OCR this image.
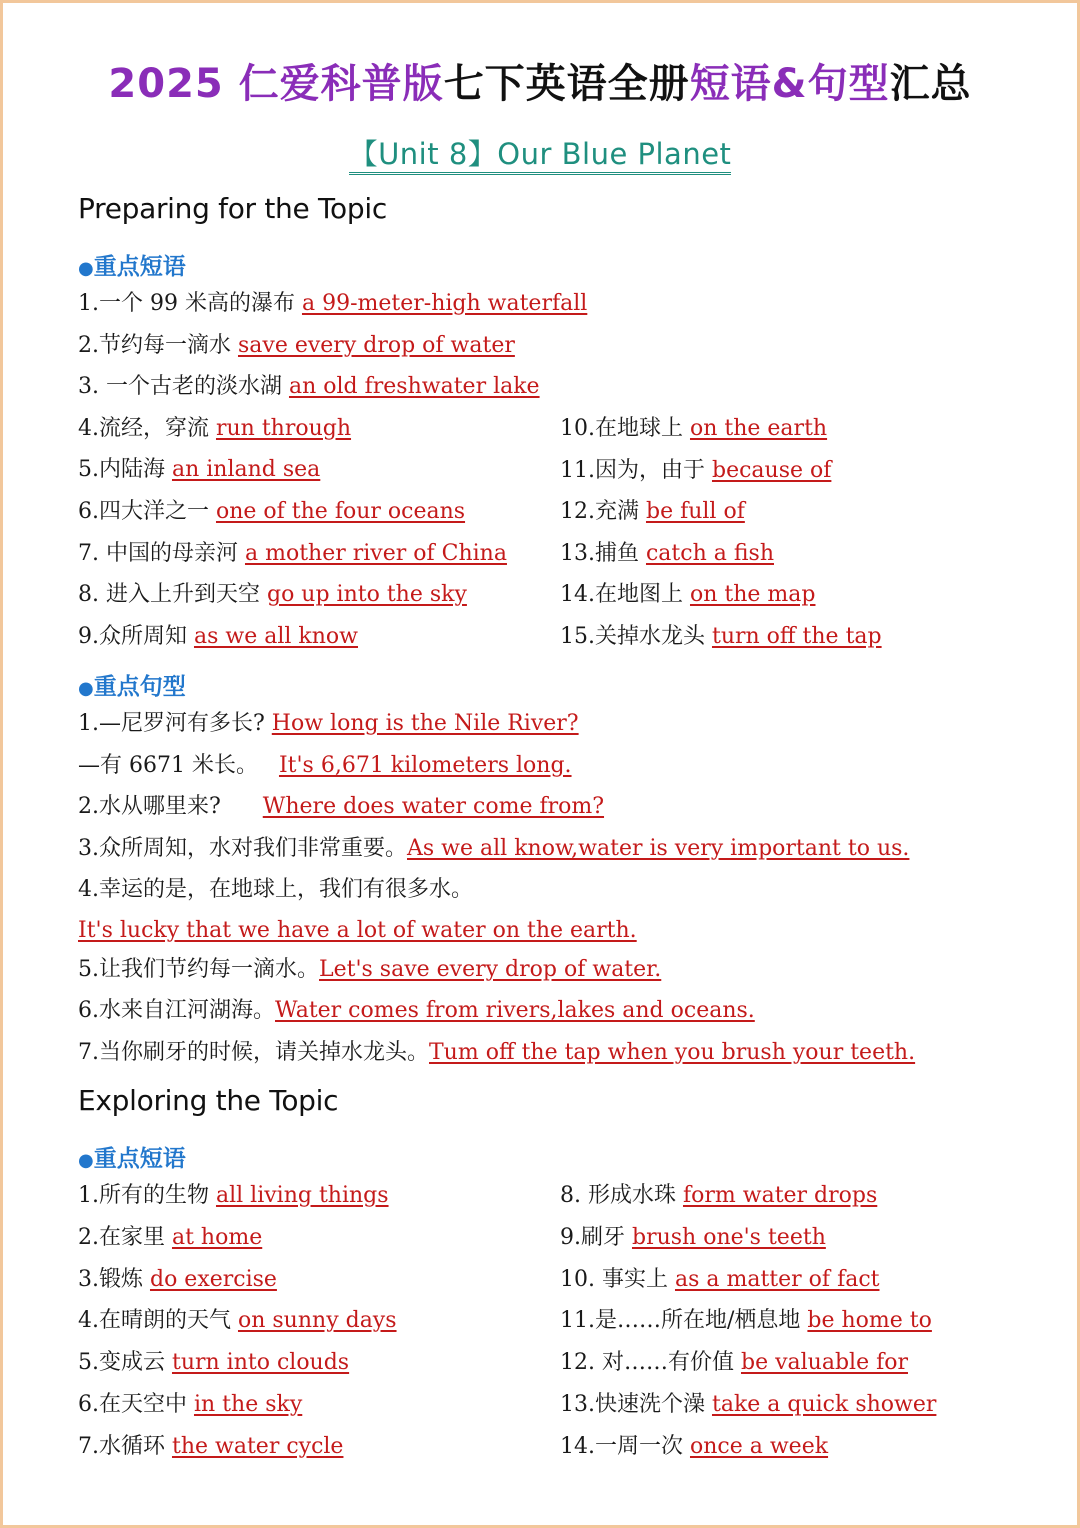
2025 仁爱科普版七下英语全册短语&句型汇总
【Unit 8】Our Blue Planet
Preparing for the Topic
●重点短语
1.一个 99 米高的瀑布 a 99-meter-high waterfall
2.节约每一滴水 save every drop of water
3. 一个古老的淡水湖 an old freshwater lake
4.流经，穿流 run through
5.内陆海 an inland sea
6.四大洋之一 one of the four oceans
7. 中国的母亲河 a mother river of China
8. 进入上升到天空 go up into the sky
9.众所周知 as we all know
10.在地球上 on the earth
11.因为，由于 because of
12.充满 be full of
13.捕鱼 catch a fish
14.在地图上 on the map
15.关掉水龙头 turn off the tap
●重点句型
1.—尼罗河有多长? How long is the Nile River?
—有 6671 米长。   It's 6,671 kilometers long.
2.水从哪里来?      Where does water come from?
3.众所周知，水对我们非常重要。As we all know,water is very important to us.
4.幸运的是，在地球上，我们有很多水。
It's lucky that we have a lot of water on the earth.
5.让我们节约每一滴水。Let's save every drop of water.
6.水来自江河湖海。Water comes from rivers,lakes and oceans.
7.当你刷牙的时候，请关掉水龙头。Tum off the tap when you brush your teeth.
Exploring the Topic
●重点短语
1.所有的生物 all living things
2.在家里 at home
3.锻炼 do exercise
4.在晴朗的天气 on sunny days
5.变成云 turn into clouds
6.在天空中 in the sky
7.水循环 the water cycle
8. 形成水珠 form water drops
9.刷牙 brush one's teeth
10. 事实上 as a matter of fact
11.是……所在地/栖息地 be home to
12. 对……有价值 be valuable for
13.快速洗个澡 take a quick shower
14.一周一次 once a week
